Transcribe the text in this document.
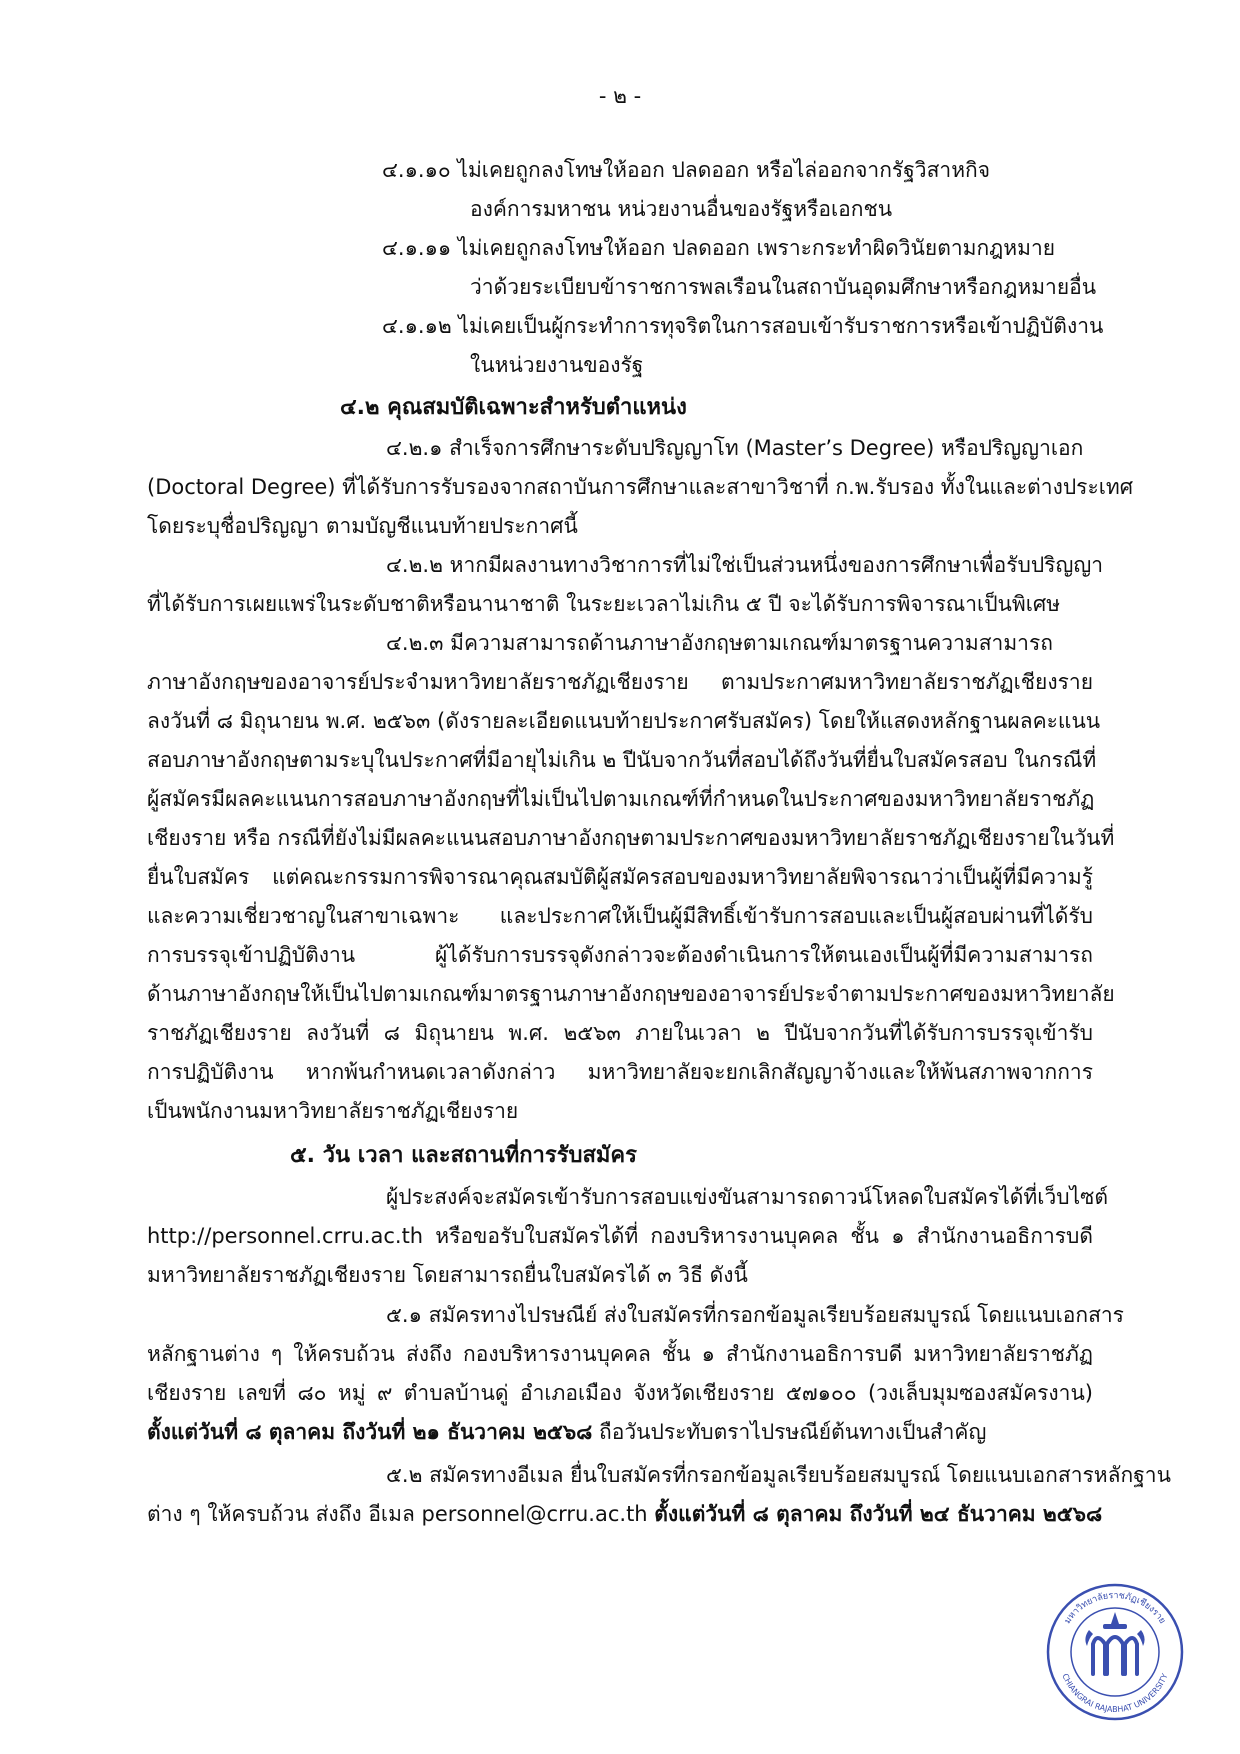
- ๒ -
๔.๑.๑๐ ไม่เคยถูกลงโทษให้ออก ปลดออก หรือไล่ออกจากรัฐวิสาหกิจ
องค์การมหาชน หน่วยงานอื่นของรัฐหรือเอกชน
๔.๑.๑๑ ไม่เคยถูกลงโทษให้ออก ปลดออก เพราะกระทำผิดวินัยตามกฎหมาย
ว่าด้วยระเบียบข้าราชการพลเรือนในสถาบันอุดมศึกษาหรือกฎหมายอื่น
๔.๑.๑๒ ไม่เคยเป็นผู้กระทำการทุจริตในการสอบเข้ารับราชการหรือเข้าปฏิบัติงาน
ในหน่วยงานของรัฐ
๔.๒ คุณสมบัติเฉพาะสำหรับตำแหน่ง
๔.๒.๑ สำเร็จการศึกษาระดับปริญญาโท (Master’s Degree) หรือปริญญาเอก
(Doctoral Degree) ที่ได้รับการรับรองจากสถาบันการศึกษาและสาขาวิชาที่ ก.พ.รับรอง ทั้งในและต่างประเทศ
โดยระบุชื่อปริญญา ตามบัญชีแนบท้ายประกาศนี้
๔.๒.๒ หากมีผลงานทางวิชาการที่ไม่ใช่เป็นส่วนหนึ่งของการศึกษาเพื่อรับปริญญา
ที่ได้รับการเผยแพร่ในระดับชาติหรือนานาชาติ ในระยะเวลาไม่เกิน ๕ ปี จะได้รับการพิจารณาเป็นพิเศษ
๔.๒.๓ มีความสามารถด้านภาษาอังกฤษตามเกณฑ์มาตรฐานความสามารถ
ภาษาอังกฤษของอาจารย์ประจำมหาวิทยาลัยราชภัฏเชียงราย ตามประกาศมหาวิทยาลัยราชภัฏเชียงราย
ลงวันที่ ๘ มิถุนายน พ.ศ. ๒๕๖๓ (ดังรายละเอียดแนบท้ายประกาศรับสมัคร) โดยให้แสดงหลักฐานผลคะแนน
สอบภาษาอังกฤษตามระบุในประกาศที่มีอายุไม่เกิน ๒ ปีนับจากวันที่สอบได้ถึงวันที่ยื่นใบสมัครสอบ ในกรณีที่
ผู้สมัครมีผลคะแนนการสอบภาษาอังกฤษที่ไม่เป็นไปตามเกณฑ์ที่กำหนดในประกาศของมหาวิทยาลัยราชภัฏ
เชียงราย หรือ กรณีที่ยังไม่มีผลคะแนนสอบภาษาอังกฤษตามประกาศของมหาวิทยาลัยราชภัฏเชียงรายในวันที่
ยื่นใบสมัคร แต่คณะกรรมการพิจารณาคุณสมบัติผู้สมัครสอบของมหาวิทยาลัยพิจารณาว่าเป็นผู้ที่มีความรู้
และความเชี่ยวชาญในสาขาเฉพาะ และประกาศให้เป็นผู้มีสิทธิ์เข้ารับการสอบและเป็นผู้สอบผ่านที่ได้รับ
การบรรจุเข้าปฏิบัติงาน ผู้ได้รับการบรรจุดังกล่าวจะต้องดำเนินการให้ตนเองเป็นผู้ที่มีความสามารถ
ด้านภาษาอังกฤษให้เป็นไปตามเกณฑ์มาตรฐานภาษาอังกฤษของอาจารย์ประจำตามประกาศของมหาวิทยาลัย
ราชภัฏเชียงราย ลงวันที่ ๘ มิถุนายน พ.ศ. ๒๕๖๓ ภายในเวลา ๒ ปีนับจากวันที่ได้รับการบรรจุเข้ารับ
การปฏิบัติงาน หากพ้นกำหนดเวลาดังกล่าว มหาวิทยาลัยจะยกเลิกสัญญาจ้างและให้พ้นสภาพจากการ
เป็นพนักงานมหาวิทยาลัยราชภัฏเชียงราย
๕. วัน เวลา และสถานที่การรับสมัคร
ผู้ประสงค์จะสมัครเข้ารับการสอบแข่งขันสามารถดาวน์โหลดใบสมัครได้ที่เว็บไซต์
http://personnel.crru.ac.th หรือขอรับใบสมัครได้ที่ กองบริหารงานบุคคล ชั้น ๑ สำนักงานอธิการบดี
มหาวิทยาลัยราชภัฏเชียงราย โดยสามารถยื่นใบสมัครได้ ๓ วิธี ดังนี้
๕.๑ สมัครทางไปรษณีย์ ส่งใบสมัครที่กรอกข้อมูลเรียบร้อยสมบูรณ์ โดยแนบเอกสาร
หลักฐานต่าง ๆ ให้ครบถ้วน ส่งถึง กองบริหารงานบุคคล ชั้น ๑ สำนักงานอธิการบดี มหาวิทยาลัยราชภัฏ
เชียงราย เลขที่ ๘๐ หมู่ ๙ ตำบลบ้านดู่ อำเภอเมือง จังหวัดเชียงราย ๕๗๑๐๐ (วงเล็บมุมซองสมัครงาน)
ตั้งแต่วันที่ ๘ ตุลาคม ถึงวันที่ ๒๑ ธันวาคม ๒๕๖๘ ถือวันประทับตราไปรษณีย์ต้นทางเป็นสำคัญ
๕.๒ สมัครทางอีเมล ยื่นใบสมัครที่กรอกข้อมูลเรียบร้อยสมบูรณ์ โดยแนบเอกสารหลักฐาน
ต่าง ๆ ให้ครบถ้วน ส่งถึง อีเมล personnel@crru.ac.th ตั้งแต่วันที่ ๘ ตุลาคม ถึงวันที่ ๒๔ ธันวาคม ๒๕๖๘
มหาวิทยาลัยราชภัฏเชียงราย
CHIANGRAI RAJABHAT UNIVERSITY
